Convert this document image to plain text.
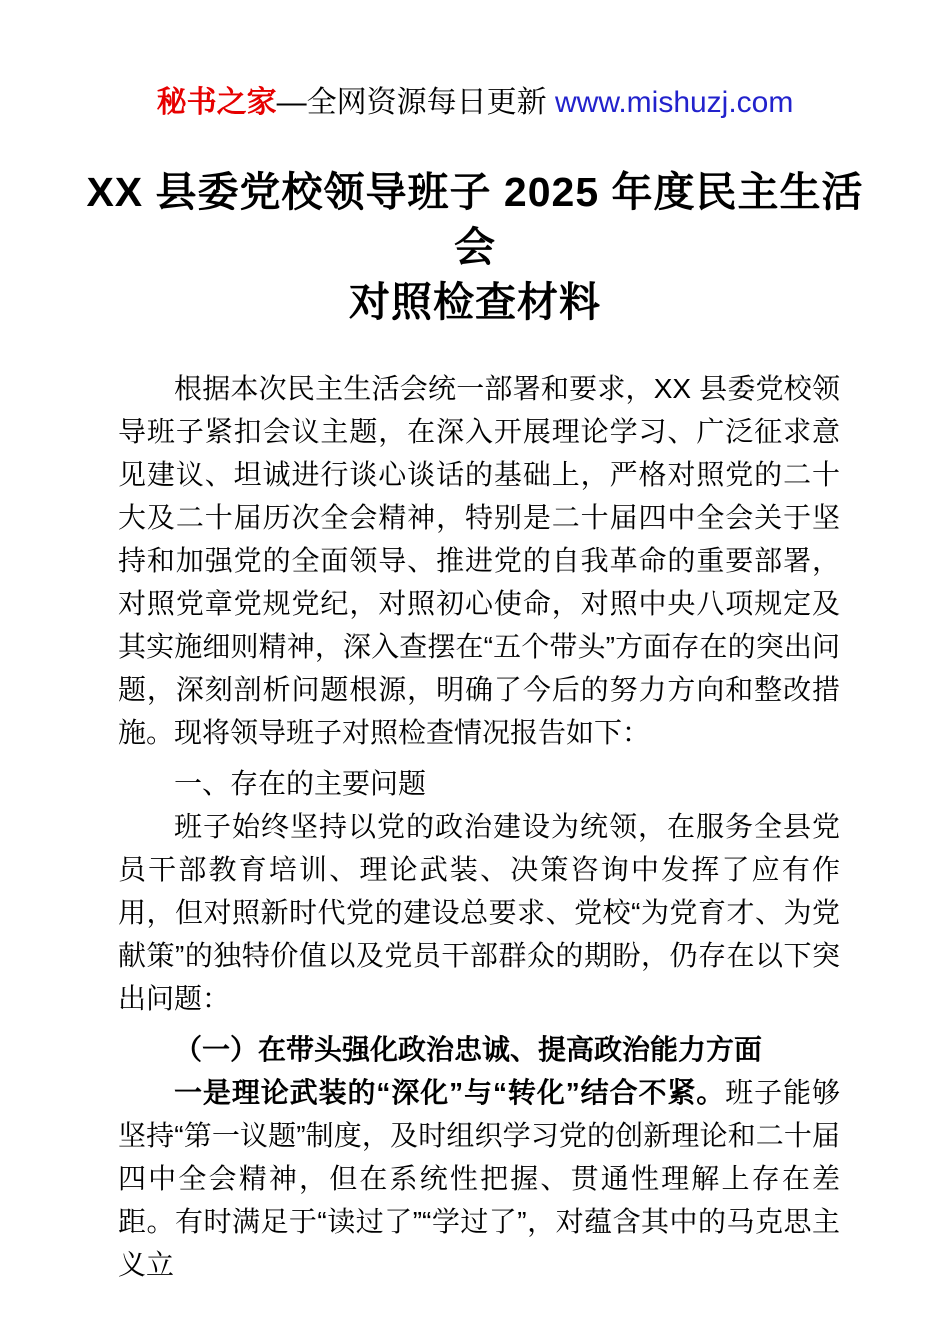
秘书之家—全网资源每日更新 www.mishuzj.com
XX 县委党校领导班子 2025 年度民主生活会
对照检查材料

根据本次民主生活会统一部署和要求，XX 县委党校领导班子紧扣会议主题，在深入开展理论学习、广泛征求意见建议、坦诚进行谈心谈话的基础上，严格对照党的二十大及二十届历次全会精神，特别是二十届四中全会关于坚持和加强党的全面领导、推进党的自我革命的重要部署，对照党章党规党纪，对照初心使命，对照中央八项规定及其实施细则精神，深入查摆在“五个带头”方面存在的突出问题，深刻剖析问题根源，明确了今后的努力方向和整改措施。现将领导班子对照检查情况报告如下：

一、存在的主要问题

班子始终坚持以党的政治建设为统领，在服务全县党员干部教育培训、理论武装、决策咨询中发挥了应有作用，但对照新时代党的建设总要求、党校“为党育才、为党献策”的独特价值以及党员干部群众的期盼，仍存在以下突出问题：

（一）在带头强化政治忠诚、提高政治能力方面

一是理论武装的“深化”与“转化”结合不紧。班子能够坚持“第一议题”制度，及时组织学习党的创新理论和二十届四中全会精神，但在系统性把握、贯通性理解上存在差距。有时满足于“读过了”“学过了”，对蕴含其中的马克思主义立
